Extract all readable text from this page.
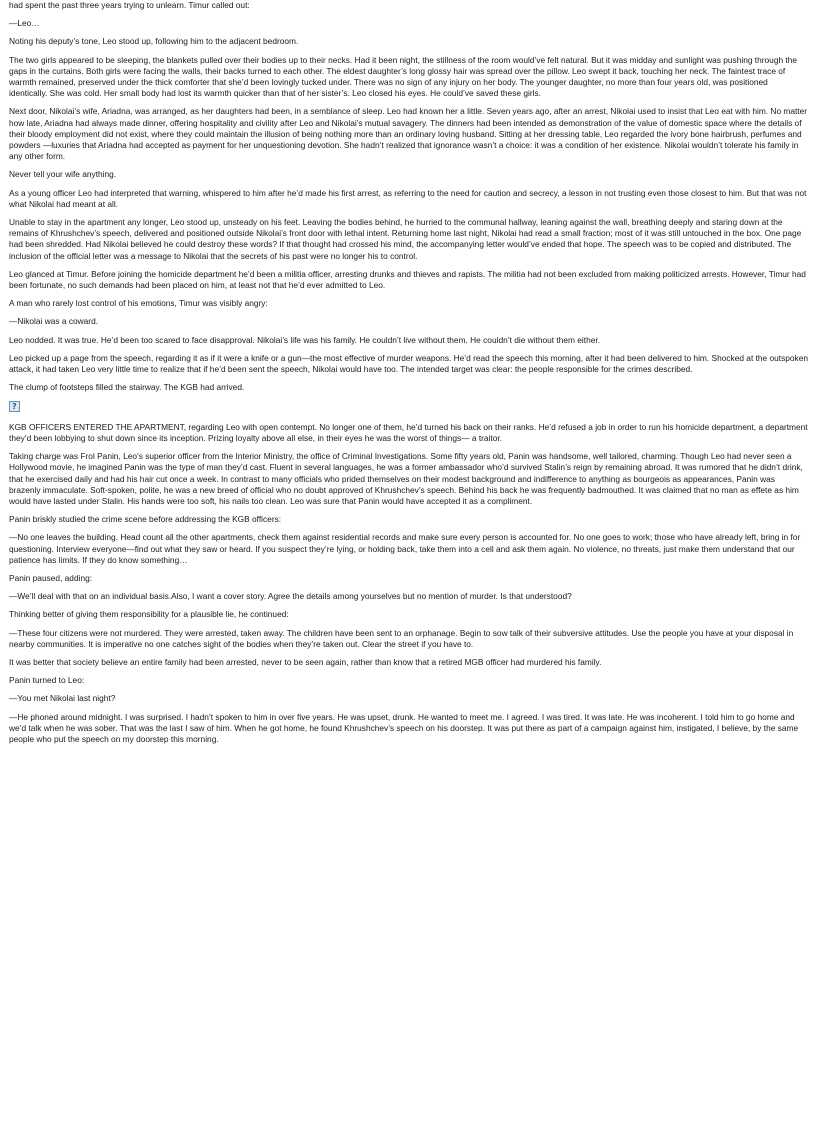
had spent the past three years trying to unlearn. Timur called out:

—Leo…

Noting his deputy’s tone, Leo stood up, following him to the adjacent bedroom.

The two girls appeared to be sleeping, the blankets pulled over their bodies up to their necks. Had it been night, the stillness of the room would’ve felt natural. But it was midday and sunlight was pushing through the gaps in the curtains. Both girls were facing the walls, their backs turned to each other. The eldest daughter’s long glossy hair was spread over the pillow. Leo swept it back, touching her neck. The faintest trace of warmth remained, preserved under the thick comforter that she’d been lovingly tucked under. There was no sign of any injury on her body. The younger daughter, no more than four years old, was positioned identically. She was cold. Her small body had lost its warmth quicker than that of her sister’s. Leo closed his eyes. He could’ve saved these girls.

Next door, Nikolai’s wife, Ariadna, was arranged, as her daughters had been, in a semblance of sleep. Leo had known her a little. Seven years ago, after an arrest, Nikolai used to insist that Leo eat with him. No matter how late, Ariadna had always made dinner, offering hospitality and civility after Leo and Nikolai’s mutual savagery. The dinners had been intended as demonstration of the value of domestic space where the details of their bloody employment did not exist, where they could maintain the illusion of being nothing more than an ordinary loving husband. Sitting at her dressing table, Leo regarded the ivory bone hairbrush, perfumes and powders —luxuries that Ariadna had accepted as payment for her unquestioning devotion. She hadn’t realized that ignorance wasn’t a choice: it was a condition of her existence. Nikolai wouldn’t tolerate his family in any other form.

Never tell your wife anything.

As a young officer Leo had interpreted that warning, whispered to him after he’d made his first arrest, as referring to the need for caution and secrecy, a lesson in not trusting even those closest to him. But that was not what Nikolai had meant at all.

Unable to stay in the apartment any longer, Leo stood up, unsteady on his feet. Leaving the bodies behind, he hurried to the communal hallway, leaning against the wall, breathing deeply and staring down at the remains of Khrushchev’s speech, delivered and positioned outside Nikolai’s front door with lethal intent. Returning home last night, Nikolai had read a small fraction; most of it was still untouched in the box. One page had been shredded. Had Nikolai believed he could destroy these words? If that thought had crossed his mind, the accompanying letter would’ve ended that hope. The speech was to be copied and distributed. The inclusion of the official letter was a message to Nikolai that the secrets of his past were no longer his to control.

Leo glanced at Timur. Before joining the homicide department he’d been a militia officer, arresting drunks and thieves and rapists. The militia had not been excluded from making politicized arrests. However, Timur had been fortunate, no such demands had been placed on him, at least not that he’d ever admitted to Leo.

A man who rarely lost control of his emotions, Timur was visibly angry:

—Nikolai was a coward.

Leo nodded. It was true. He’d been too scared to face disapproval. Nikolai’s life was his family. He couldn’t live without them. He couldn’t die without them either.

Leo picked up a page from the speech, regarding it as if it were a knife or a gun—the most effective of murder weapons. He’d read the speech this morning, after it had been delivered to him. Shocked at the outspoken attack, it had taken Leo very little time to realize that if he’d been sent the speech, Nikolai would have too. The intended target was clear: the people responsible for the crimes described.

The clump of footsteps filled the stairway. The KGB had arrived.

?

KGB OFFICERS ENTERED THE APARTMENT, regarding Leo with open contempt. No longer one of them, he’d turned his back on their ranks. He’d refused a job in order to run his homicide department, a department they’d been lobbying to shut down since its inception. Prizing loyalty above all else, in their eyes he was the worst of things— a traitor.

Taking charge was Frol Panin, Leo’s superior officer from the Interior Ministry, the office of Criminal Investigations. Some fifty years old, Panin was handsome, well tailored, charming. Though Leo had never seen a Hollywood movie, he imagined Panin was the type of man they’d cast. Fluent in several languages, he was a former ambassador who’d survived Stalin’s reign by remaining abroad. It was rumored that he didn’t drink, that he exercised daily and had his hair cut once a week. In contrast to many officials who prided themselves on their modest background and indifference to anything as bourgeois as appearances, Panin was brazenly immaculate. Soft-spoken, polite, he was a new breed of official who no doubt approved of Khrushchev’s speech. Behind his back he was frequently badmouthed. It was claimed that no man as effete as him would have lasted under Stalin. His hands were too soft, his nails too clean. Leo was sure that Panin would have accepted it as a compliment.

Panin briskly studied the crime scene before addressing the KGB officers:

—No one leaves the building. Head count all the other apartments, check them against residential records and make sure every person is accounted for. No one goes to work; those who have already left, bring in for questioning. Interview everyone—find out what they saw or heard. If you suspect they’re lying, or holding back, take them into a cell and ask them again. No violence, no threats, just make them understand that our patience has limits. If they do know something…

Panin paused, adding:

—We’ll deal with that on an individual basis.Also, I want a cover story. Agree the details among yourselves but no mention of murder. Is that understood?

Thinking better of giving them responsibility for a plausible lie, he continued:

—These four citizens were not murdered. They were arrested, taken away. The children have been sent to an orphanage. Begin to sow talk of their subversive attitudes. Use the people you have at your disposal in nearby communities. It is imperative no one catches sight of the bodies when they’re taken out. Clear the street if you have to.

It was better that society believe an entire family had been arrested, never to be seen again, rather than know that a retired MGB officer had murdered his family.

Panin turned to Leo:

—You met Nikolai last night?

—He phoned around midnight. I was surprised. I hadn’t spoken to him in over five years. He was upset, drunk. He wanted to meet me. I agreed. I was tired. It was late. He was incoherent. I told him to go home and we’d talk when he was sober. That was the last I saw of him. When he got home, he found Khrushchev’s speech on his doorstep. It was put there as part of a campaign against him, instigated, I believe, by the same people who put the speech on my doorstep this morning.
